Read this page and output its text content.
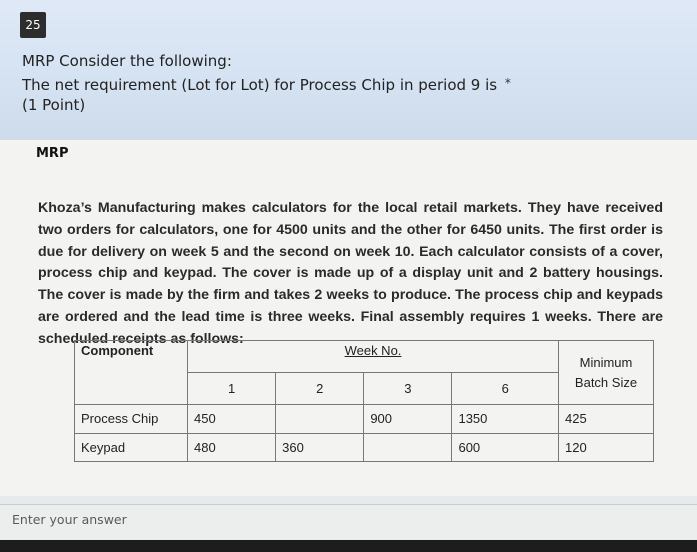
25
MRP Consider the following:
The net requirement (Lot for Lot) for Process Chip in period 9 is *
(1 Point)
MRP
Khoza’s Manufacturing makes calculators for the local retail markets. They have received two orders for calculators, one for 4500 units and the other for 6450 units. The first order is due for delivery on week 5 and the second on week 10. Each calculator consists of a cover, process chip and keypad. The cover is made up of a display unit and 2 battery housings. The cover is made by the firm and takes 2 weeks to produce. The process chip and keypads are ordered and the lead time is three weeks. Final assembly requires 1 weeks. There are scheduled receipts as follows:
Component	Week No.				Minimum
Batch Size

	1	2	3	6	
Process Chip	450		900	1350	425
Keypad	480	360		600	120
Enter your answer
